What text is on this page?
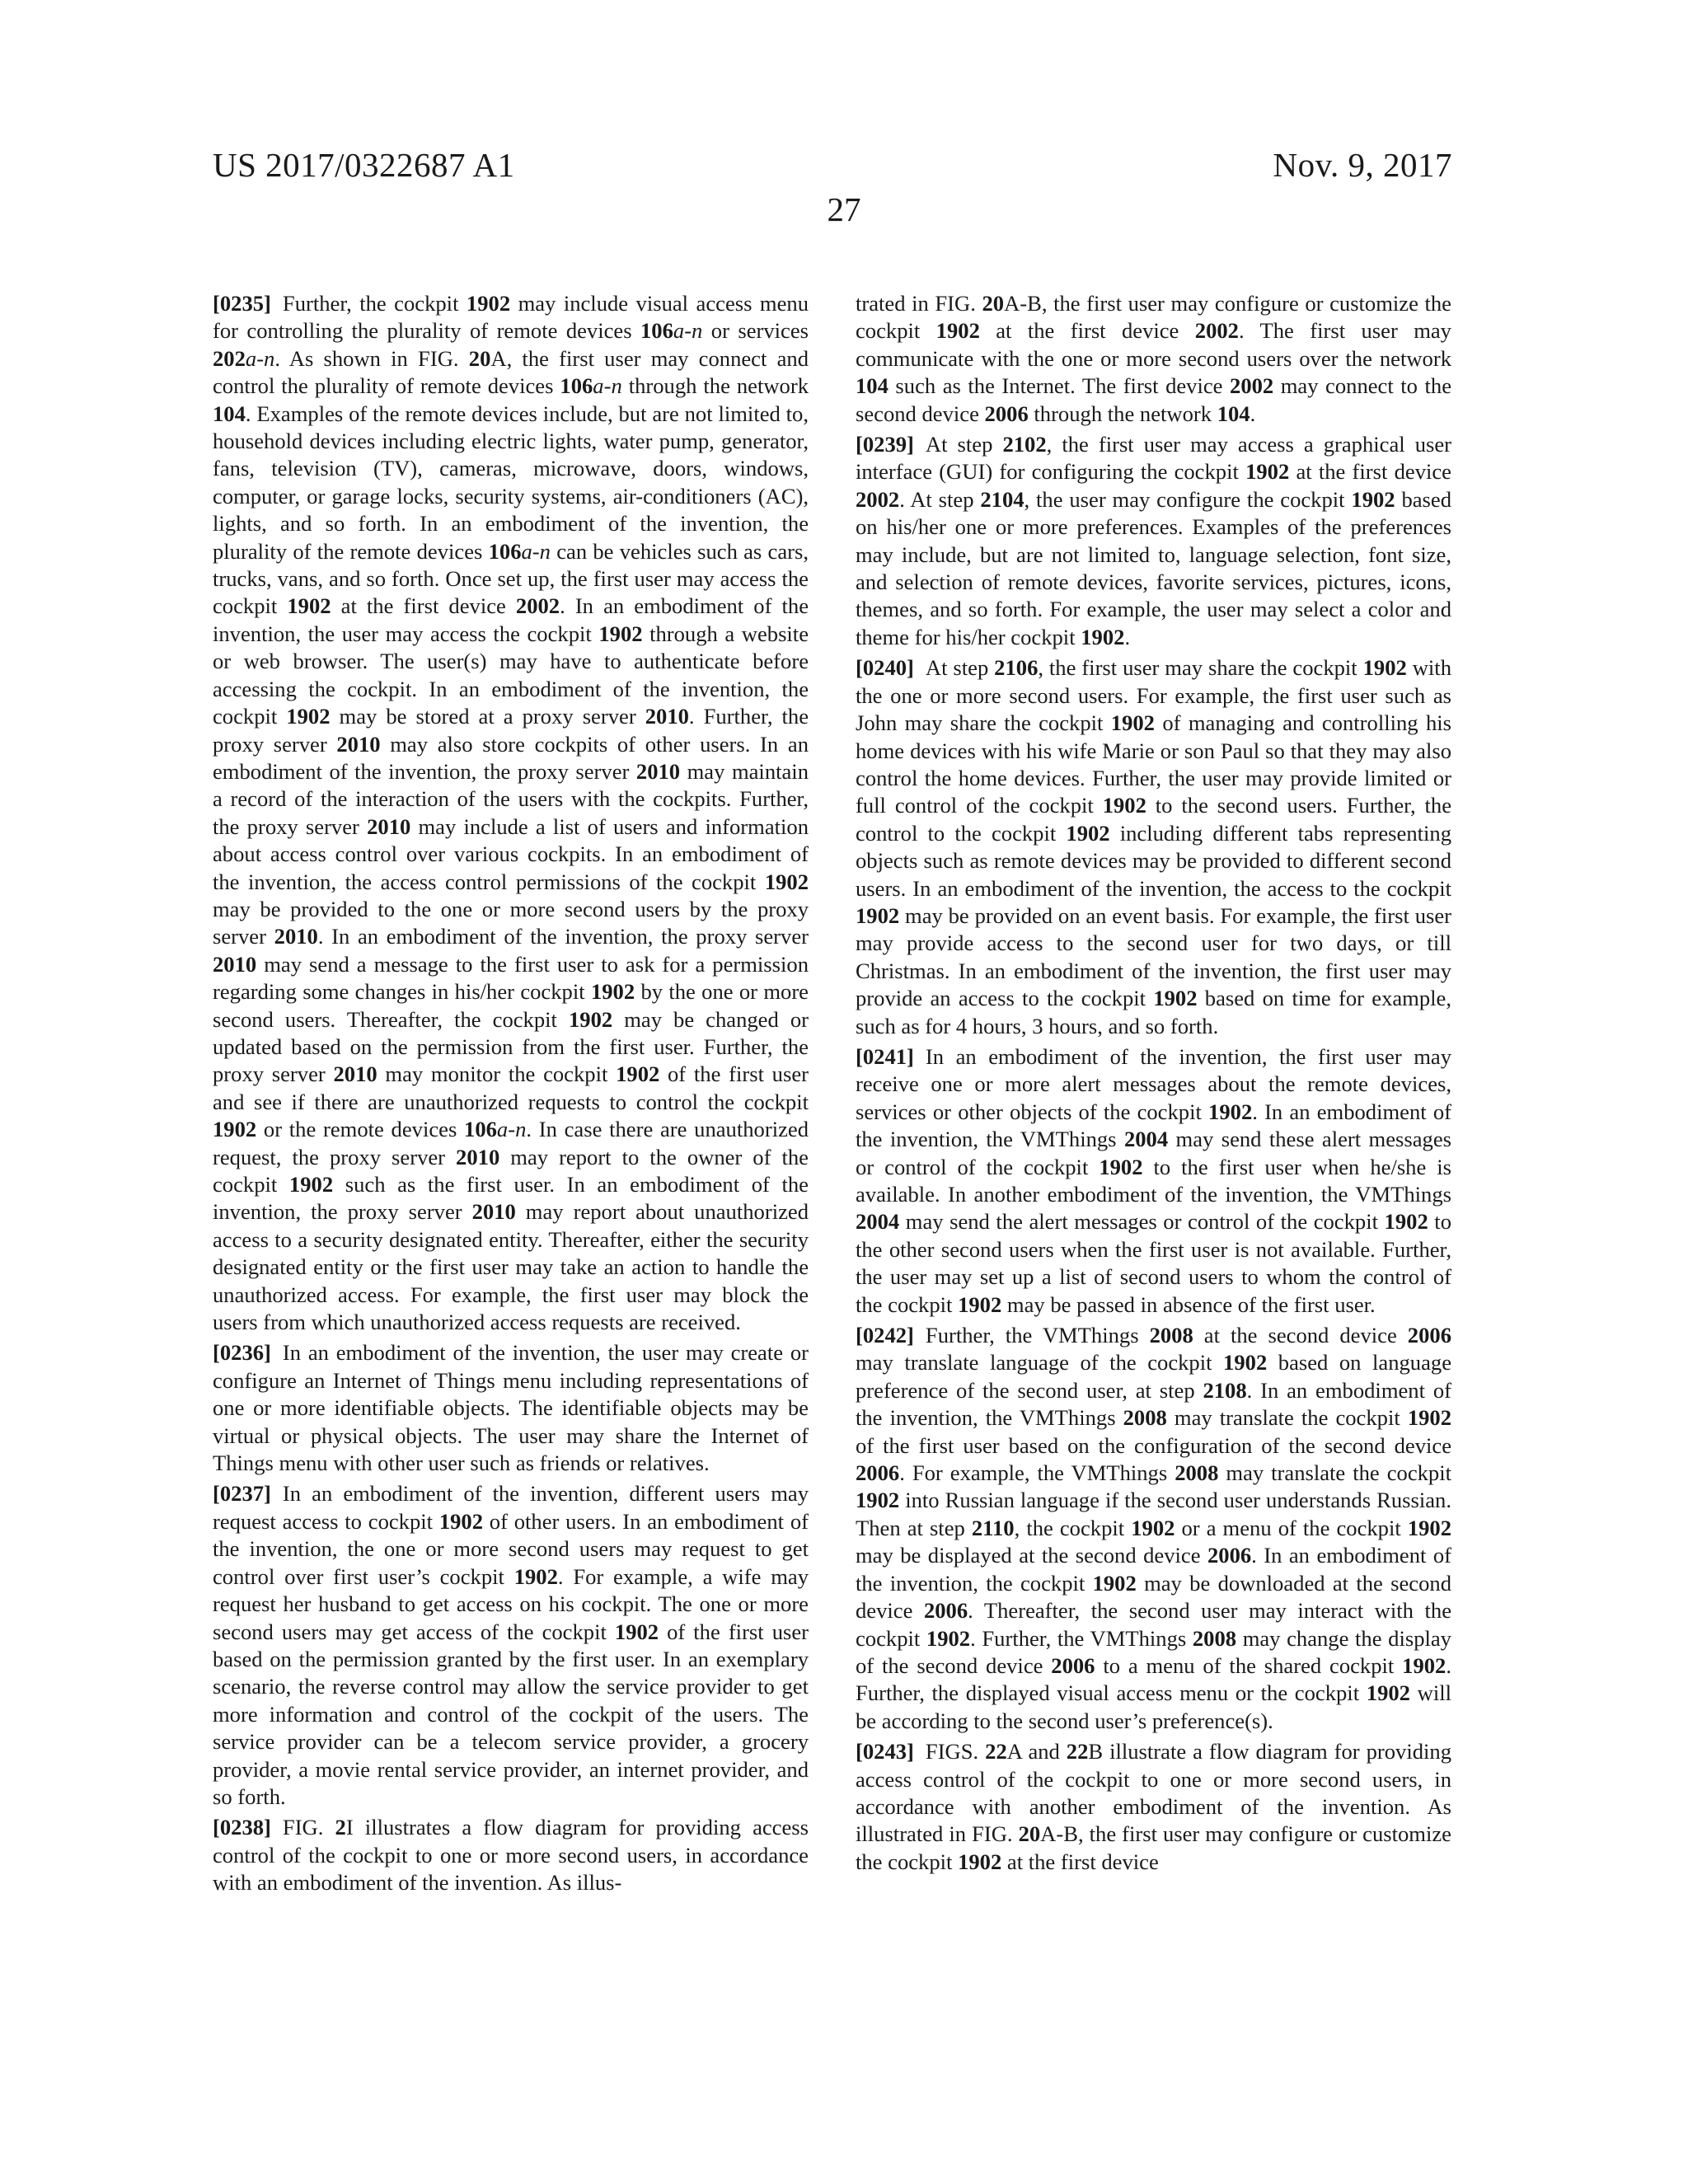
US 2017/0322687 A1
27
Nov. 9, 2017

[0235] Further, the cockpit 1902 may include visual access menu for controlling the plurality of remote devices 106a-n or services 202a-n. As shown in FIG. 20A, the first user may connect and control the plurality of remote devices 106a-n through the network 104. Examples of the remote devices include, but are not limited to, household devices including electric lights, water pump, generator, fans, television (TV), cameras, microwave, doors, windows, computer, or garage locks, security systems, air-conditioners (AC), lights, and so forth. In an embodiment of the invention, the plurality of the remote devices 106a-n can be vehicles such as cars, trucks, vans, and so forth. Once set up, the first user may access the cockpit 1902 at the first device 2002. In an embodiment of the invention, the user may access the cockpit 1902 through a website or web browser. The user(s) may have to authenticate before accessing the cockpit. In an embodiment of the invention, the cockpit 1902 may be stored at a proxy server 2010. Further, the proxy server 2010 may also store cockpits of other users. In an embodiment of the invention, the proxy server 2010 may maintain a record of the interaction of the users with the cockpits. Further, the proxy server 2010 may include a list of users and information about access control over various cockpits. In an embodiment of the invention, the access control permissions of the cockpit 1902 may be provided to the one or more second users by the proxy server 2010. In an embodiment of the invention, the proxy server 2010 may send a message to the first user to ask for a permission regarding some changes in his/her cockpit 1902 by the one or more second users. Thereafter, the cockpit 1902 may be changed or updated based on the permission from the first user. Further, the proxy server 2010 may monitor the cockpit 1902 of the first user and see if there are unauthorized requests to control the cockpit 1902 or the remote devices 106a-n. In case there are unauthorized request, the proxy server 2010 may report to the owner of the cockpit 1902 such as the first user. In an embodiment of the invention, the proxy server 2010 may report about unauthorized access to a security designated entity. Thereafter, either the security designated entity or the first user may take an action to handle the unauthorized access. For example, the first user may block the users from which unauthorized access requests are received.

[0236] In an embodiment of the invention, the user may create or configure an Internet of Things menu including representations of one or more identifiable objects. The identifiable objects may be virtual or physical objects. The user may share the Internet of Things menu with other user such as friends or relatives.

[0237] In an embodiment of the invention, different users may request access to cockpit 1902 of other users. In an embodiment of the invention, the one or more second users may request to get control over first user’s cockpit 1902. For example, a wife may request her husband to get access on his cockpit. The one or more second users may get access of the cockpit 1902 of the first user based on the permission granted by the first user. In an exemplary scenario, the reverse control may allow the service provider to get more information and control of the cockpit of the users. The service provider can be a telecom service provider, a grocery provider, a movie rental service provider, an internet provider, and so forth.

[0238] FIG. 2I illustrates a flow diagram for providing access control of the cockpit to one or more second users, in accordance with an embodiment of the invention. As illus-

trated in FIG. 20A-B, the first user may configure or customize the cockpit 1902 at the first device 2002. The first user may communicate with the one or more second users over the network 104 such as the Internet. The first device 2002 may connect to the second device 2006 through the network 104.

[0239] At step 2102, the first user may access a graphical user interface (GUI) for configuring the cockpit 1902 at the first device 2002. At step 2104, the user may configure the cockpit 1902 based on his/her one or more preferences. Examples of the preferences may include, but are not limited to, language selection, font size, and selection of remote devices, favorite services, pictures, icons, themes, and so forth. For example, the user may select a color and theme for his/her cockpit 1902.

[0240] At step 2106, the first user may share the cockpit 1902 with the one or more second users. For example, the first user such as John may share the cockpit 1902 of managing and controlling his home devices with his wife Marie or son Paul so that they may also control the home devices. Further, the user may provide limited or full control of the cockpit 1902 to the second users. Further, the control to the cockpit 1902 including different tabs representing objects such as remote devices may be provided to different second users. In an embodiment of the invention, the access to the cockpit 1902 may be provided on an event basis. For example, the first user may provide access to the second user for two days, or till Christmas. In an embodiment of the invention, the first user may provide an access to the cockpit 1902 based on time for example, such as for 4 hours, 3 hours, and so forth.

[0241] In an embodiment of the invention, the first user may receive one or more alert messages about the remote devices, services or other objects of the cockpit 1902. In an embodiment of the invention, the VMThings 2004 may send these alert messages or control of the cockpit 1902 to the first user when he/she is available. In another embodiment of the invention, the VMThings 2004 may send the alert messages or control of the cockpit 1902 to the other second users when the first user is not available. Further, the user may set up a list of second users to whom the control of the cockpit 1902 may be passed in absence of the first user.

[0242] Further, the VMThings 2008 at the second device 2006 may translate language of the cockpit 1902 based on language preference of the second user, at step 2108. In an embodiment of the invention, the VMThings 2008 may translate the cockpit 1902 of the first user based on the configuration of the second device 2006. For example, the VMThings 2008 may translate the cockpit 1902 into Russian language if the second user understands Russian. Then at step 2110, the cockpit 1902 or a menu of the cockpit 1902 may be displayed at the second device 2006. In an embodiment of the invention, the cockpit 1902 may be downloaded at the second device 2006. Thereafter, the second user may interact with the cockpit 1902. Further, the VMThings 2008 may change the display of the second device 2006 to a menu of the shared cockpit 1902. Further, the displayed visual access menu or the cockpit 1902 will be according to the second user’s preference(s).

[0243] FIGS. 22A and 22B illustrate a flow diagram for providing access control of the cockpit to one or more second users, in accordance with another embodiment of the invention. As illustrated in FIG. 20A-B, the first user may configure or customize the cockpit 1902 at the first device
